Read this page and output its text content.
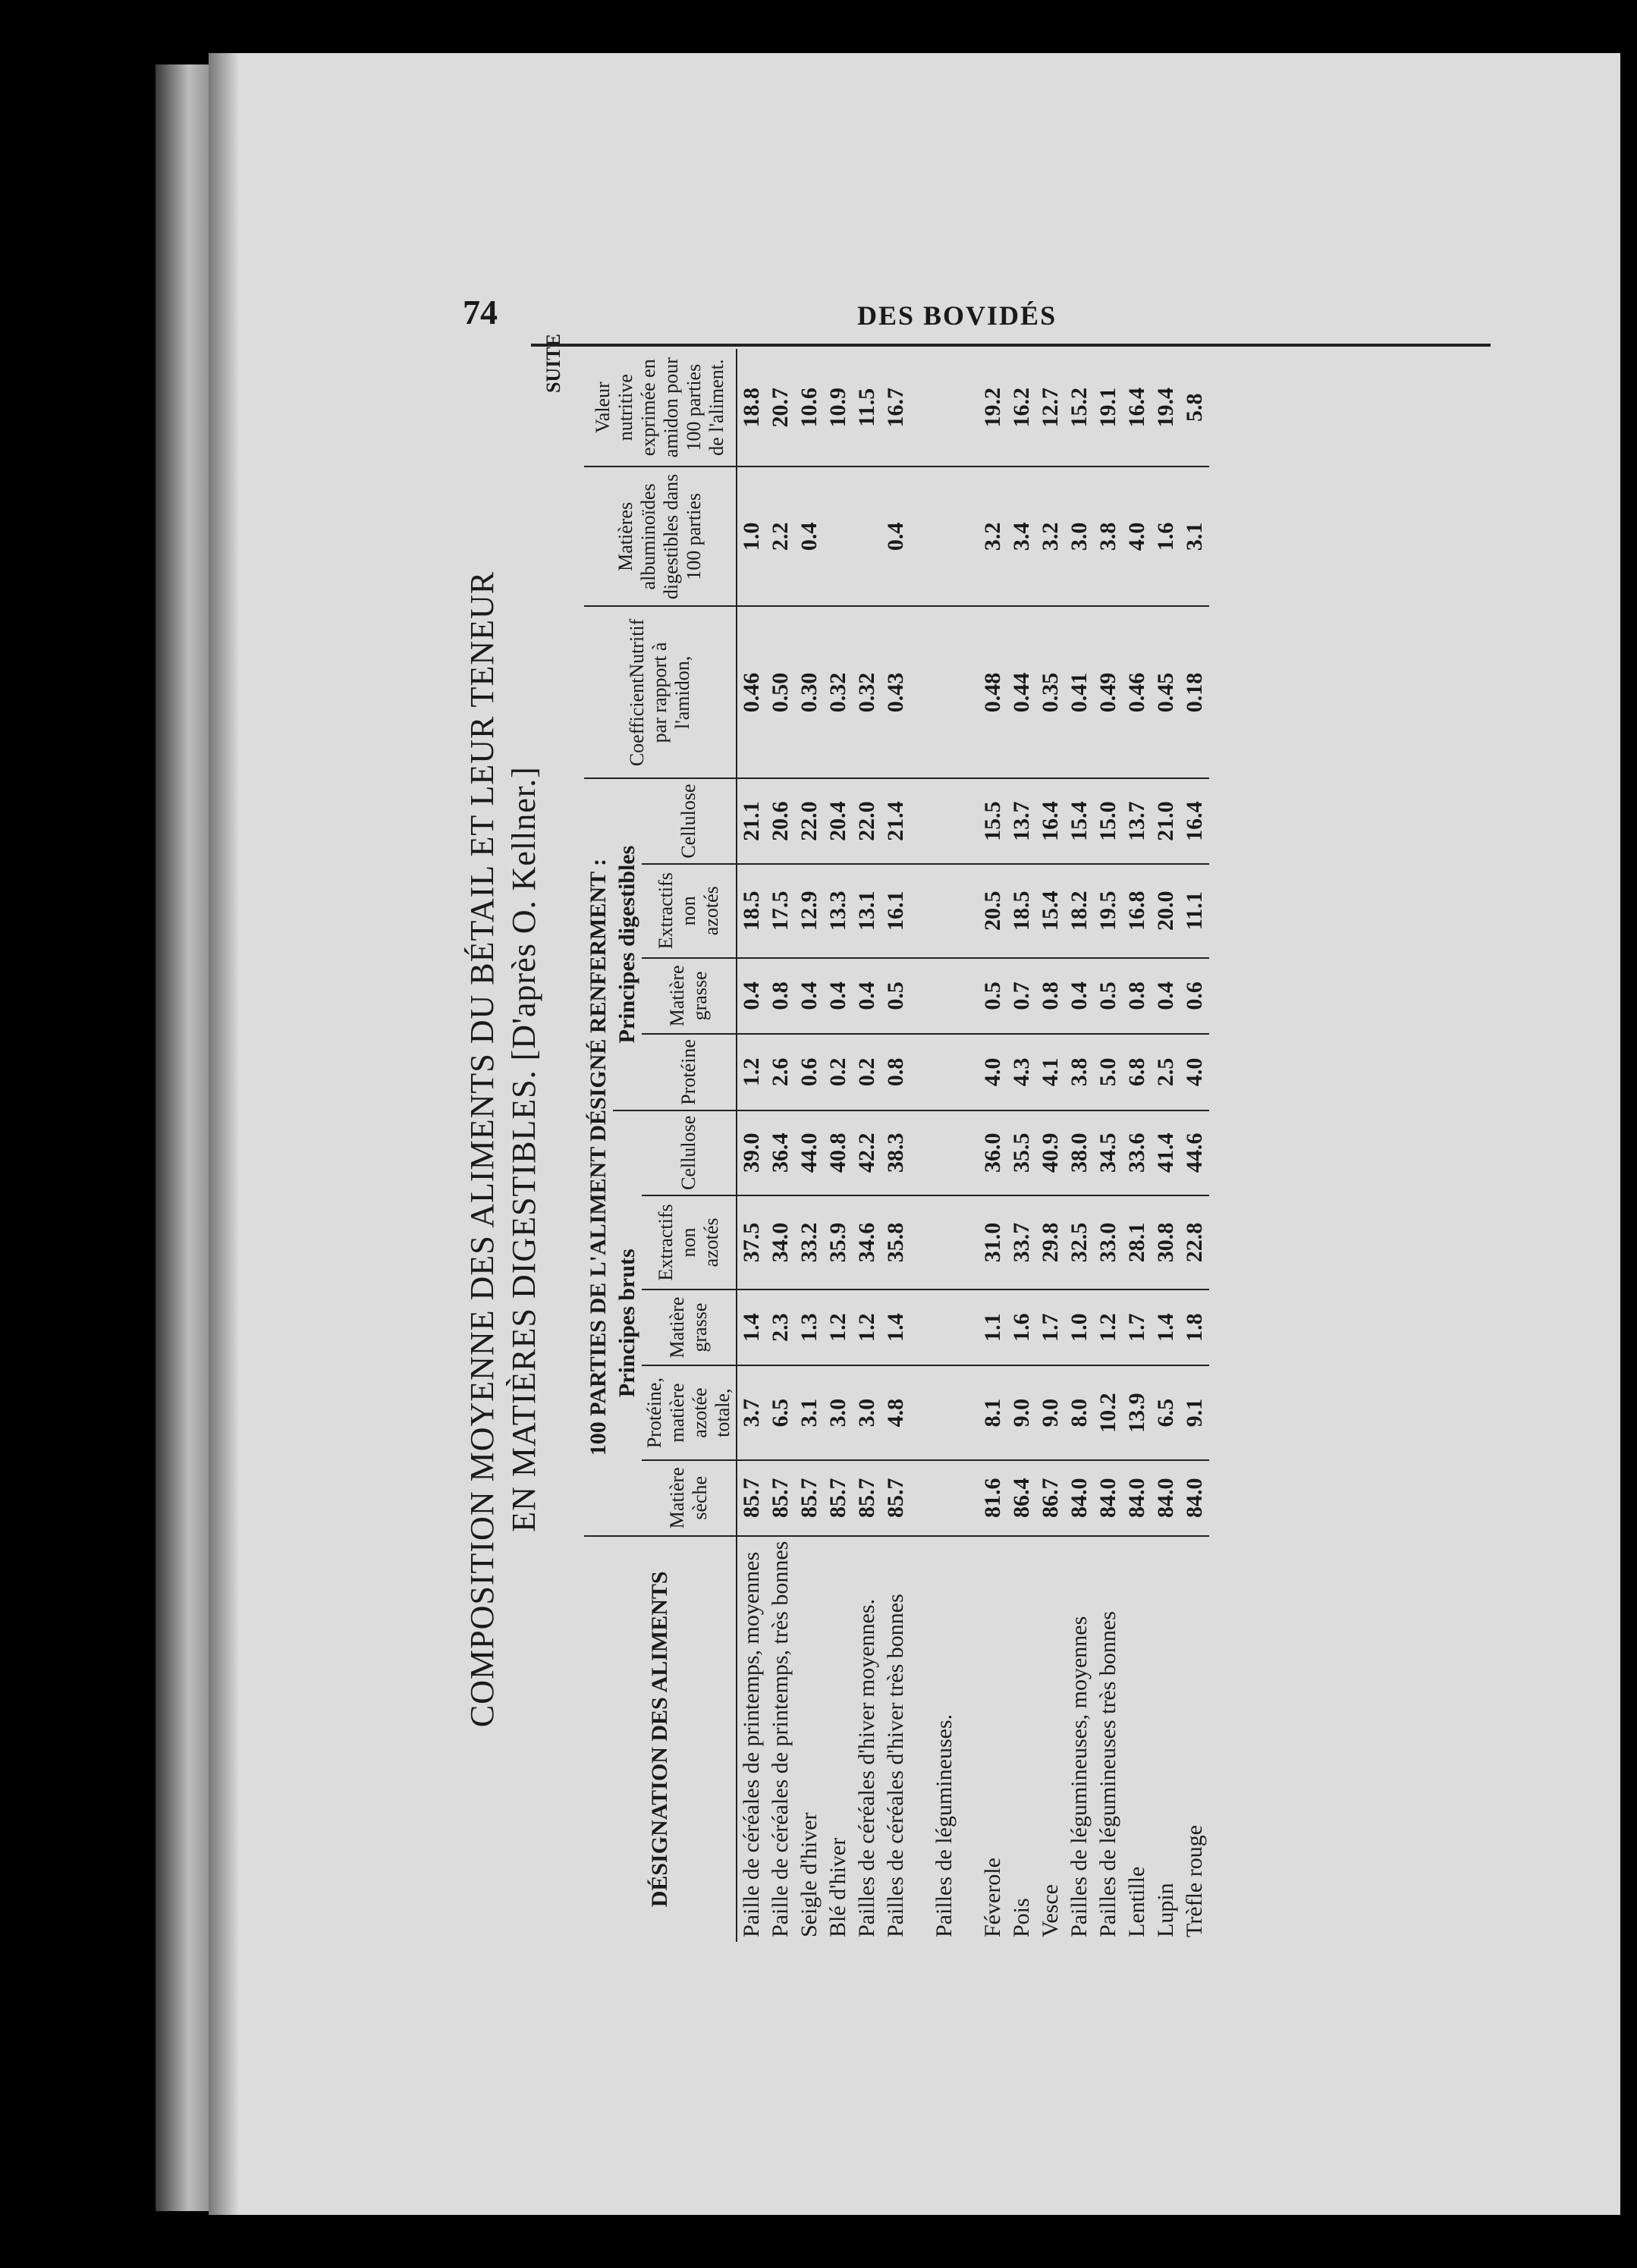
74	DES BOVIDÉS
COMPOSITION MOYENNE DES ALIMENTS DU BÉTAIL ET LEUR TENEUR EN MATIÈRES DIGESTIBLES. [D'après O. Kellner.]
SUITE
DÉSIGNATION DES ALIMENTS	100 PARTIES DE L'ALIMENT DÉSIGNÉ RENFERMENT :									CoefficientNutritif par rapport à l'amidon,	Matières albuminoïdes digestibles dans 100 parties	Valeur nutritive exprimée en amidon pour 100 parties de l'aliment.
	Principes bruts					Principes digestibles						
	Matière sèche	Protéine, matière azotée totale,	Matière grasse	Extractifs non azotés	Cellulose	Protéine	Matière grasse	Extractifs non azotés	Cellulose			
Paille de céréales de printemps, moyennes	85.7	3.7	1.4	37.5	39.0	1.2	0.4	18.5	21.1	0.46	1.0	18.8
Paille de céréales de printemps, très bonnes	85.7	6.5	2.3	34.0	36.4	2.6	0.8	17.5	20.6	0.50	2.2	20.7
Seigle d'hiver	85.7	3.1	1.3	33.2	44.0	0.6	0.4	12.9	22.0	0.30	0.4	10.6
Blé d'hiver	85.7	3.0	1.2	35.9	40.8	0.2	0.4	13.3	20.4	0.32		10.9
Pailles de céréales d'hiver moyennes.	85.7	3.0	1.2	34.6	42.2	0.2	0.4	13.1	22.0	0.32		11.5
Pailles de céréales d'hiver très bonnes	85.7	4.8	1.4	35.8	38.3	0.8	0.5	16.1	21.4	0.43	0.4	16.7
Pailles de légumineuses.												
Féverole	81.6	8.1	1.1	31.0	36.0	4.0	0.5	20.5	15.5	0.48	3.2	19.2
Pois	86.4	9.0	1.6	33.7	35.5	4.3	0.7	18.5	13.7	0.44	3.4	16.2
Vesce	86.7	9.0	1.7	29.8	40.9	4.1	0.8	15.4	16.4	0.35	3.2	12.7
Pailles de légumineuses, moyennes	84.0	8.0	1.0	32.5	38.0	3.8	0.4	18.2	15.4	0.41	3.0	15.2
Pailles de légumineuses très bonnes	84.0	10.2	1.2	33.0	34.5	5.0	0.5	19.5	15.0	0.49	3.8	19.1
Lentille	84.0	13.9	1.7	28.1	33.6	6.8	0.8	16.8	13.7	0.46	4.0	16.4
Lupin	84.0	6.5	1.4	30.8	41.4	2.5	0.4	20.0	21.0	0.45	1.6	19.4
Trèfle rouge	84.0	9.1	1.8	22.8	44.6	4.0	0.6	11.1	16.4	0.18	3.1	5.8
